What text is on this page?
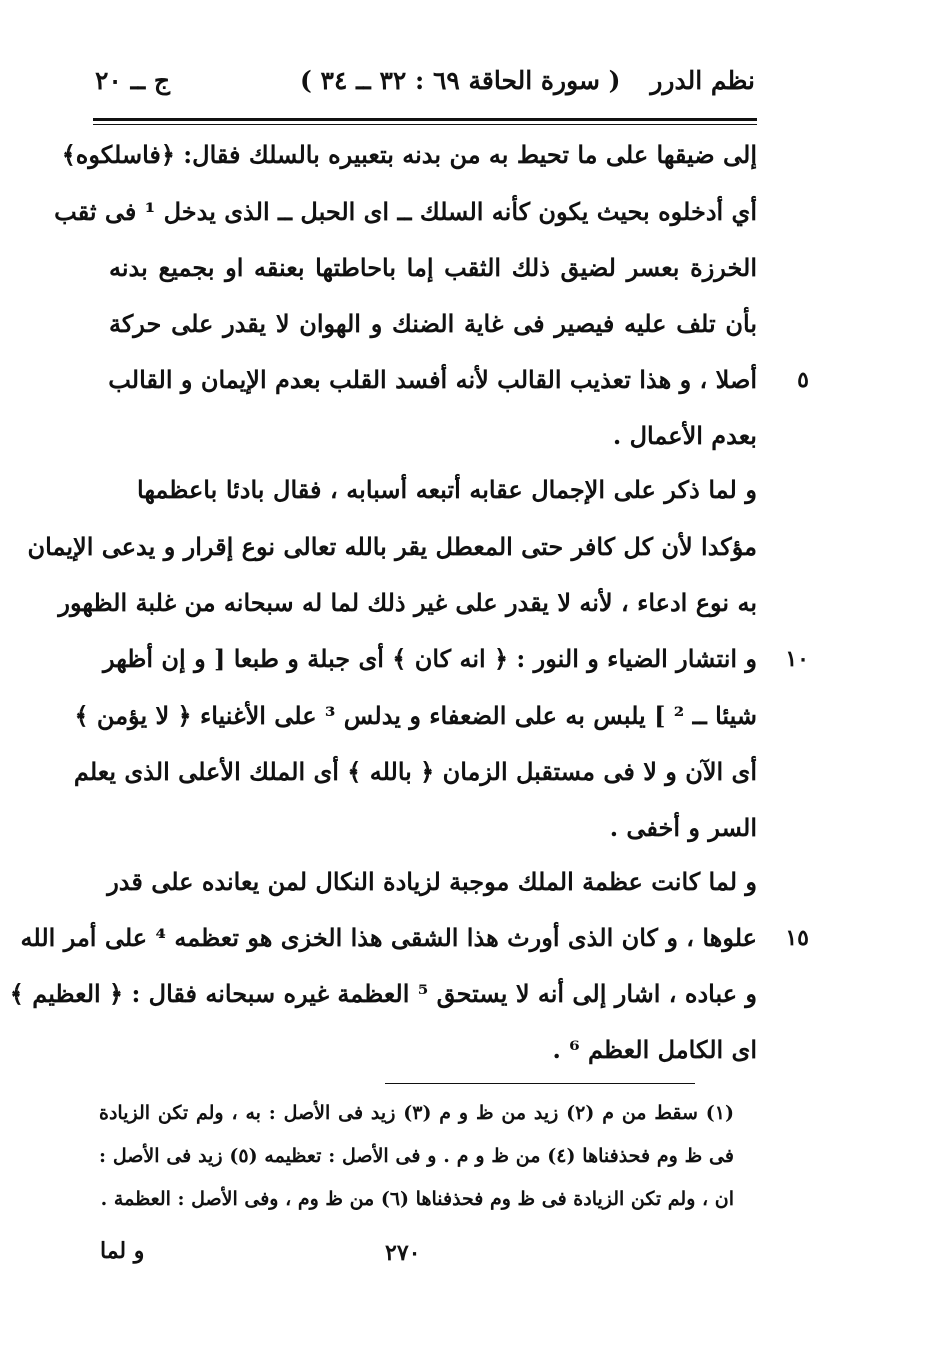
نظم الدرر
( سورة الحاقة ٦٩ : ٣٢ ــ ٣٤ )
ج ــ ٢٠
إلى ضيقها على ما تحيط به من بدنه بتعبيره بالسلك فقال: ﴿فاسلكوه﴾
أي أدخلوه بحيث يكون كأنه السلك ــ اى الحبل ــ الذى يدخل ¹ فى ثقب
الخرزة بعسر لضيق ذلك الثقب إما باحاطتها بعنقه او بجميع بدنه
بأن تلف عليه فيصير فى غاية الضنك و الهوان لا يقدر على حركة
أصلا ، و هذا تعذيب القالب لأنه أفسد القلب بعدم الإيمان و القالب ٥
بعدم الأعمال .
و لما ذكر على الإجمال عقابه أتبعه أسبابه ، فقال بادئا باعظمها
مؤكدا لأن كل كافر حتى المعطل يقر بالله تعالى نوع إقرار و يدعى الإيمان
به نوع ادعاء ، لأنه لا يقدر على غير ذلك لما له سبحانه من غلبة الظهور
و انتشار الضياء و النور : ﴿ انه كان ﴾ أى جبلة و طبعا [ و إن أظهر ١٠
شيئا ــ ² ] يلبس به على الضعفاء و يدلس ³ على الأغنياء ﴿ لا يؤمن ﴾
أى الآن و لا فى مستقبل الزمان ﴿ بالله ﴾ أى الملك الأعلى الذى يعلم
السر و أخفى .
و لما كانت عظمة الملك موجبة لزيادة النكال لمن يعانده على قدر
علوها ، و كان الذى أورث هذا الشقى هذا الخزى هو تعظمه ⁴ على أمر الله ١٥
و عباده ، اشار إلى أنه لا يستحق ⁵ العظمة غيره سبحانه فقال : ﴿ العظيم ﴾
اى الكامل العظم ⁶ .
(١) سقط من م (٢) زيد من ظ و م (٣) زيد فى الأصل : به ، ولم تكن الزيادة
فى ظ وم فحذفناها (٤) من ظ و م . و فى الأصل : تعظيمه (٥) زيد فى الأصل :
ان ، ولم تكن الزيادة فى ظ وم فحذفناها (٦) من ظ وم ، وفى الأصل : العظمة .
٢٧٠
و لما
